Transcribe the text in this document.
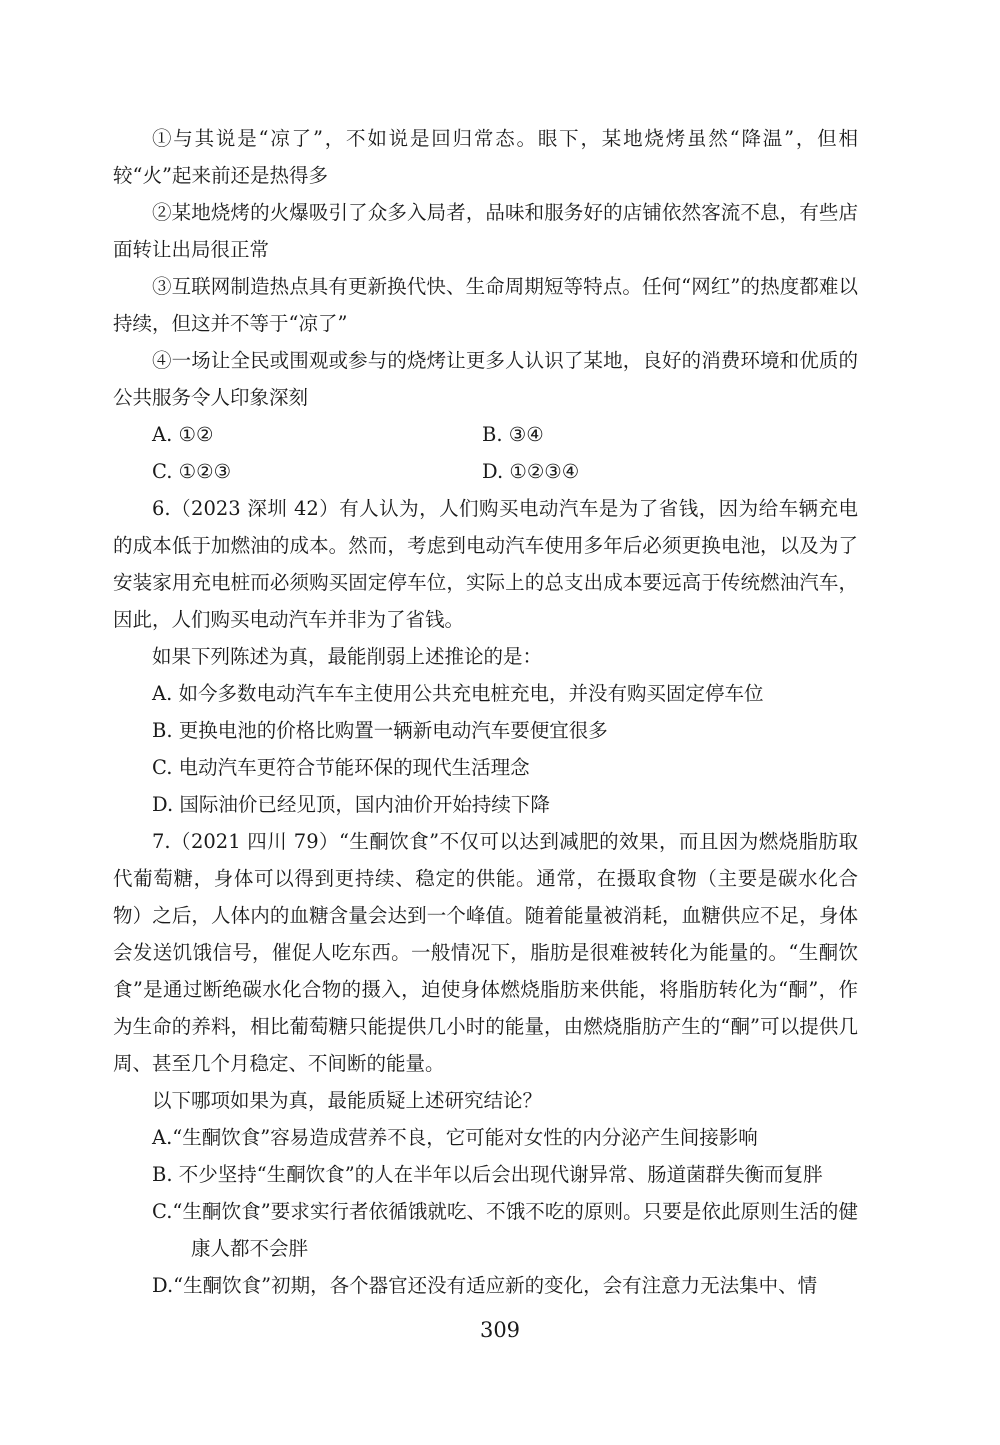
①与其说是“凉了”，不如说是回归常态。眼下，某地烧烤虽然“降温”，但相较“火”起来前还是热得多

②某地烧烤的火爆吸引了众多入局者，品味和服务好的店铺依然客流不息，有些店面转让出局很正常

③互联网制造热点具有更新换代快、生命周期短等特点。任何“网红”的热度都难以持续，但这并不等于“凉了”

④一场让全民或围观或参与的烧烤让更多人认识了某地，良好的消费环境和优质的公共服务令人印象深刻

A. ①②	B. ③④
C. ①②③	D. ①②③④

6.（2023 深圳 42）有人认为，人们购买电动汽车是为了省钱，因为给车辆充电的成本低于加燃油的成本。然而，考虑到电动汽车使用多年后必须更换电池，以及为了安装家用充电桩而必须购买固定停车位，实际上的总支出成本要远高于传统燃油汽车，因此，人们购买电动汽车并非为了省钱。

如果下列陈述为真，最能削弱上述推论的是：

A. 如今多数电动汽车车主使用公共充电桩充电，并没有购买固定停车位

B. 更换电池的价格比购置一辆新电动汽车要便宜很多

C. 电动汽车更符合节能环保的现代生活理念

D. 国际油价已经见顶，国内油价开始持续下降

7.（2021 四川 79）“生酮饮食”不仅可以达到减肥的效果，而且因为燃烧脂肪取代葡萄糖，身体可以得到更持续、稳定的供能。通常，在摄取食物（主要是碳水化合物）之后，人体内的血糖含量会达到一个峰值。随着能量被消耗，血糖供应不足，身体会发送饥饿信号，催促人吃东西。一般情况下，脂肪是很难被转化为能量的。“生酮饮食”是通过断绝碳水化合物的摄入，迫使身体燃烧脂肪来供能，将脂肪转化为“酮”，作为生命的养料，相比葡萄糖只能提供几小时的能量，由燃烧脂肪产生的“酮”可以提供几周、甚至几个月稳定、不间断的能量。

以下哪项如果为真，最能质疑上述研究结论？

A.“生酮饮食”容易造成营养不良，它可能对女性的内分泌产生间接影响

B. 不少坚持“生酮饮食”的人在半年以后会出现代谢异常、肠道菌群失衡而复胖

C.“生酮饮食”要求实行者依循饿就吃、不饿不吃的原则。只要是依此原则生活的健康人都不会胖

D.“生酮饮食”初期，各个器官还没有适应新的变化，会有注意力无法集中、情

309
